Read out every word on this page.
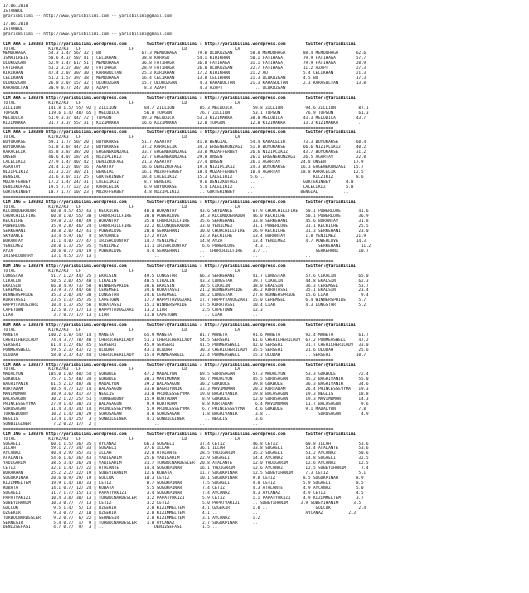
17.06.2018
ISTANBUL
@YarisBilimi -- http://www.yarisbilimi.com -- yarisbilimi@gmail.com
17.06.2018
ISTANBUL
@YarisBilimi -- http://www.yarisbilimi.com -- yarisbilimi@gmail.com
CIM ARA = 138383 http://yarisbilimi.wordpress.com        twitter:@YarisBilimi : http://yarisbilimi.wordpress.com        twitter:@YarisBilimi
TOTAL             K1/K2/K3   LF                   LF                   LD                   LA
MEMDUHAGA         54.3 1.4/ 56/ 32 | BU                67.3 MEMDUHAGA        79.0 ULUKOZGAN       50.8 MEMDUHAGA       88.4 MEMDUHAGA       62.6
ISMAILREIS        58.6 4.3/ 58/ 41 | CELIKHAN          38.8 KARASU           54.1 KIRIKHAN        50.1 FATIHAGA        79.9 FATIHAGA        57.7
ULUKOZGAN         52.9 1.4/ 61/ 51 | MEMDUHAGA         36.8 FATIHAGA         36.8 FATIHAGA        31.1 FATIHAGA        79.9 FATIHAGA        28.9
FATIHAGA          53.2 3.2/ 30/ 30 | FATIHAGA          28.9 FATIHAGA         26.8 ULUKOZGAN       22.7 FATIHAGA        11.2 AZAPT           27.3
KIRIKHAN          47.4 2.0/ 30/ 30 | KARABULTAN        25.3 KIRIKHAN         17.2 KIRIKHAN        21.2 AU              5.4 CELIKHAN         21.3
CELIKHAN          51.2 1.5/ 39/ 38 | MEMDUHAGA         16.4 CELIKHAN         13.8 CELIKHAN        21.3 ULUKOZGAN       4.5 BU               17.3
ULUKOZGAN         26.8 2.0/ 15/ 32 | ULUKOZGAN         15.7 ULUKOZGAN         4.3 KARABULTAN      21.3 KARASULTAN      2.3 KARASULTAN       13.8
KARABULTAN        30.9 0.7/ 24/ 30 | AZAPT              8.3 AZAPT             4.3 AZAPT             .. ULUKOZGAN
===================================================================================================================================
CIM ARA = 138370 http://yarisbilimi.wordpress.com        twitter:@YarisBilimi : http://yarisbilimi.wordpress.com        twitter:@YarisBilimi
TOTAL             K1/K2/K3   LF                   LF                   LD                   LA
ZILLION           141.8 1.5/ 55/ 92 | ZILLION           84.7 ZILLION          85.3 MELODICA        59.8 ZILLION         94.6 ZILLION         87.1
TOPGUN            119.6 1.4/ 48/ 65 | MELODICA          56.8 TOPGUN           76.7 ZILLION         53.1 TOPGUN          76.9 TOPGUN          61.3
MELODICA          51.9 3.3/ 44/ 72 | TOPGUN            49.3 MELODICA         53.3 KIZIMAKKA       38.8 MELODICA        43.3 MELODICA        43.7
KIZIMAKKA         31.7 3.3/ 55/ 31 | KIZIMAKKA         16.6 KIZIMAKKA        12.0 TOPGUN          12.0 KIZIMAKKA       13.3 KIZIMAKKA        .
===================================================================================================================================
CIM ARA = 138380 http://yarisbilimi.wordpress.com        twitter:@YarisBilimi : http://yarisbilimi.wordpress.com        twitter:@YarisBilimi
TOTAL             K1/K2/K3   LF                   LF                   LD                   LA
BUYUKAKSE         59.1 1.7/ 50/ 20 | BUYUKAKSE         51.7 AGARTAY          41.8 BENGIAL         54.4 KARACELIK       73.3 BUYUKAKSE       60.4
BUYUKAKSE         51.8 3.0/ 44/ 23 | BUYUKAKSE         37.2 KARACELIK        34.3 ERGENEKONZAGI   51.8 BUYUKAKSE       66.6 NIZIPLIKIZ      40.2
KARACELIK         45.8 3.8/ 38/ 20 | ERGENEKONZAGI     33.7 ERGENEKONZAGI    33.8 MUZAFFERBEY     26.6 NIZIPLIKIZ      43.7 BUYUKAKSE       31.2
UNSEN             40.6 4.0/ 18/ 24 | NIZIPLIKIZ        22.7 ERGENEKONZAGI    29.8 UNSEN           26.1 ERGENEKONZAGI   26.5 AGARTAY         22.8
LALELIKIZ         27.9 1.4/ 40/ 42 | DENIZKOFAGI       21.3 AGARTAY          27.4 UNSEN           26.1 AGARTAY        24.8 UNSEN           17.9
AGARTAY           24.4 1.2/ 40/ 16 | AGARTAY           16.6 DENIZKOFAGI      19.4 NIZIPLIKIZ      24.3 BUYUKAKSE      16.3 ERGENEKONZAGI   15.7
NIZIPLIKIZ        31.3 2.2/ 30/ 21 | BENGIAL           16.1 MUZAFFERBEY      18.4 MUZAFFERBEY     10.4 AGARTAY        18.8 KARACELIK       12.5
BENGIAL           31.6 3.0/ 11/ 25 | GOKTEKINBEY       10.4 LALELIKIZ        15.3 LALELIKIZ       5.6 ..                   KILZIKIZ         8.6
MUZAFFERBEY       17.2 1.4/ 24/ 31 | LALELIKIZ          8.7 BENGIAL           9.6 DENIZKOFAGI     ..                   GOKTEKINBEY      4.0
DENIZKOFAGI       19.5 7.7/ 12/ 23 | KARACELIK          6.9 BUYUKAKSE         5.4 LALELIKIZ       ..                   LALELIKIZ        5.8
GOKTEKINBEY       10.7 1.7/ 10/ 23 | MUZAFFERBEY        4.8 NIZIPLIKIZ        .. GOKTEKINBEY     ..                   BENGIAL          ..
===================================================================================================================================
CIM ING = 138382 http://yarisbilimi.wordpress.com        twitter:@YarisBilimi : http://yarisbilimi.wordpress.com        twitter:@YarisBilimi
TOTAL             K1/K2/K3   LF                   LF                   LD                   LA
KLCONQUERADOR      60.0 4.5/ 45/ 43 | KECKICHE          48.0 BORANTAY         43.6 SKYDANCE        67.9 CHURCHILLFIRE   50.1 POWERLOVE       41.6
CHURCHILLFIRE      60.8 1.0/ 55/ 38 | CHURCHILLFIRE     38.0 POWERLOVE        34.3 KLCONQUERADOR   46.0 KECKICHE        50.1 POWERLOVE       36.9
KECKICHE           59.8 2.3/ 48/ 49 | BORANTAY          35.8 CHURCHILLFIRE    35.6 SERKEHANI       33.8 SERKEHANI       45.6 BORANTAY        31.8
POWERLOVE          35.9 2.8/ 46/ 24 | CHURCHILLFIRE     32.2 KLCONQUERADOR    33.0 YENILMEZ        31.1 POWERLOVE       31.1 KECKICHE        25.5
SERKEHANI          38.8 2.0/ 42/ 41 | POWERLOVE         28.0 SERKEHANI        30.0 CHURCHILLFIRE   26.9 KECKICHE        31.3 SERKEHANI       23.0
SKYDANCE           33.4 5.9/ 16/  4 | SKYDANCE          17.2 AYZA             23.3 KECKICHE        13.4 BORANTAY        1.8 YENILMEZ        21.9
BORANTAY           31.1 4.0/ 27/ 47 | IRISHCOUNTRY      14.7 YENILMEZ         14.8 AYZA            13.4 YENILMEZ        4.7 POWERLOVE       14.3
YENILMEZ           28.0 1.3/ 25/ 35 | YENILMEZ          11.1 IRISHCOUNTRY      6.6 POWERLOVE        4.3 ..                   SERKEHANI        11.2
AYZA               20.6 0.7/ 24/ 19 | POWERLOVE          4.4 SERKEHANI        ..  CHURCHILLFIRE    3.7 ..                   SERKEHANI        10.7
IRISHCOUNTRY       13.1 4.5/ 27/ 13 |                       ..                ..                   ..                   ..
===================================================================================================================================
KUM ING = 138379 http://yarisbilimi.wordpress.com        twitter:@YarisBilimi : http://yarisbilimi.wordpress.com        twitter:@YarisBilimi
TOTAL             K1/K2/K3   LF                   LF                   LD                   LA
LONGSTAR           51.7 1.2/ 44/ 25 | EKALSIN           49.5 LONGSTAR         66.3 SERKEHANI       41.7 LONGSTAR        57.6 CIKALIN         65.0
CIKALIN            50.5 2.0/ 45/ 48 | CIKALIN           40.5 CIKALIN          43.3 LONGSTAR        39.7 CIKALIN         44.8 EKALSIN         62.3
EKALSIN            66.8 4.9/ 73/ 58 | WINNERSPRIDE      38.6 EKALSIN          30.5 CIKALIN         38.0 EKALSIN         36.3 CEREMSEL        53.7
CEREMSEL           33.9 3.7/ 44/ 66 | CEREMSEL          34.6 KORATASSI        21.2 WINNERSPRIDE    36.2 KORATASSI       35.1 EKALSIN         23.4
WINNERSPRIDE       35.3 2.0/ 34/ 38 | LONGSTAR          24.6 CEREMSEL         18.2 LONGSTAR        27.8 WINNERSPRIDE    15.6 LIAR             9.4
KORATASSI          23.5 1.3/ 35/ 35 | CAPETOWN          17.7 HAPPYTAVUGZARI   17.7 HAPPYTAVUGZARI  15.0 CEREMSEL        6.4 WINNERSPRIDE     5.7
HAPPYTAVUGZARI     10.4 1.3/ 35/ 56 | KORATASSI         15.1 WINNERSPRIDE     17.5 KORATASSI       10.4 LIAR            4.3 LONGSTAR         5.2
CAPETOWN           12.5 0.7/ 17/ 13 | HAPPYTAVUGZARI    13.2 LIAR              2.5 CAPETOWN        12.3
LIAR                3.7 0.7/ 17/ 13 | LIAR              11.0 CAPETOWN           .. LIAR            ..
===================================================================================================================================
KUM ARA = 138378 http://yarisbilimi.wordpress.com        twitter:@YarisBilimi : http://yarisbilimi.wordpress.com        twitter:@YarisBilimi
TOTAL             K1/K2/K3   LF                   LF                   LD                   LA
MANETA            140.2 1.8/ 54/ 14 | MANETA            65.9 MANETA           81.7 MANETA          91.6 MANETA          92.4 MANETA          61.7
CHERICHERILADY     74.4 3.7/ 70/ 48 | CHERICHERILADY    51.1 CHERICHERILADY   54.5 SERSERI         61.6 CHERICHERILADY  67.2 PONMEASWELL     47.2
SERSERI            61.4 1.2/ 46/ 45 | SERSERI           45.9 SERSERI          41.5 PONMEASWELL     42.0 SERSERI         31.7 CHERICHERILADY  33.0
PONMEASWELL        59.5 2.3/ 43/ 72 | ULUDAH            43.1 ULUDAH           30.3 CHERICHERILADY  35.5 SERSERI         21.6 ULUDAH          25.6
ULUDAH             58.0 2.3/ 43/ 44 | CHERICHERILADY    15.4 PONMEASWELL      22.4 PONMEASWELL     15.3 ULUDAH          .. SERSERI          10.7
===================================================================================================================================
CIM ARA = 138377 http://yarisbilimi.wordpress.com        twitter:@YarisBilimi : http://yarisbilimi.wordpress.com        twitter:@YarisBilimi
TOTAL             K1/K2/K3   LF                   LF                   LD                   LA
MADALYON          105.0 1.0/ 40/ 54 | GOKBULE           47.2 MADALYON         69.5 SORUSAGAN       57.3 MADALYON        53.3 GOKBULE         72.4
GOKBULE            75.7 1.5/ 40/ 34 | GOKBULE           30.1 MAVIMUMAN        50.7 MADALYON        45.5 SORUSAGAN       45.2 BAGRIYANIK      55.0
BAGRIYANIK         61.5 2.1/ 48/ 36 | MADALYON          39.2 BALASAGUN        30.2 GOKBULE         39.8 GOKBULE         36.3 BAGRIYANIK      34.6
KURTADAM           40.5 4.7/ 12/ 14 | BALASAGUN         33.8 BAGRIYANIK       33.3 MAVIMUMAN       20.2 KURTADAM        26.4 PRINCESSEYYMA   19.3
MAVIMUMAN          38.9 3.6/ 41/ 37 | NEGLIS            33.0 PRINCESSEYYMA    19.0 BAGRIYANIK      19.8 BALASAGUN       19.3 NEGLIS          18.8
BALASAGUN          30.2 1.2/ 25/ 51 | TURNEBOUNY        15.9 KURTADAM          8.9 GOKBULE         12.0 SORUSAGAN       19.3 MAVIMUMAN       14.3
PRINCESSEYYMA      27.9 1.4/ 30/ 23 | BALASAGUN          9.9 KURTADAM          8.8 KURTADAM         6.4 MAVIMUMAN       11.7 BALASAGUN        9.6
SORUSAGAN          31.4 3.4/ 34/ 14 | PRINCESSEYYMA      5.9 PRINCESSEYYMA     6.7 PRINCESSEYYMA    4.6 GOKBULE         9.1 MADALYON         7.8
TURNEBOUNY         10.2 1.4/ 28/ 29 | SORUSAGAN          4.8 SORUSAGAN         1.8 BAGRIYANIK       3.8 ..                   SORUSAGAN        4.9
NEGLIS             13.4 1.4/ 25/  3 | SONBILGINER        4.1 GONBILGINER        .. NEGLIS           3.6
SONBILGINER         7.2 0.2/ 17/  2 |                       ..                ..                   ..
===================================================================================================================================
CIM ING = 138376 http://yarisbilimi.wordpress.com        twitter:@YarisBilimi : http://yarisbilimi.wordpress.com        twitter:@YarisBilimi
TOTAL             K1/K2/K3   LF                   LF                   LD                   LA
SUGAELI            60.1 1.5/ 36/ 35 | AYCANAZ           66.3 SUGAELI          37.4 CETIZ           46.8 CETIZ           60.8 ILLAH           53.6
ILLAH              59.1 2.7/ 34/ 33 | SUGAELI           37.6 ILLAH            36.1 ILLAH           33.8 SUGAELI         53.4 ATALANTE        53.6
AYCANAZ            40.4 2.9/ 35/ 31 | ILLAH             32.8 ATALANTE         28.5 YADIGARIM       35.2 SUGAELI         51.2 AYCANAZ         50.6
ATALANTE           54.6 1.6/ 36/ 43 | YADIGARIM         25.6 YADIGARIM        22.9 SUGAELI         14.4 AYCANAZ         14.8 SUGAELI         32.5
YADIGARIM          38.5 3.4/ 26/ 24 | YADIGARIM         31.7 TURBOCNARDESLER  20.8 ATALANTE        12.0 YADIGARIM       12.6 AYCANAZ         12.5
CETIZ              32.1 1.4/ 17/ 22 | ATALANTE          14.4 SOGUKPINAR       16.1 YADIGARIM       12.6 AYCANAZ         12.5 SUBEYIHANIM      7.4
BURAKHAN           25.2 2.2/ 22/ 19 | SUBEYIHANIM       12.6 KUBATA           11.7 SOGUKPINAR      12.5 SUBEYIHANIM     7.3 CETIZ            5.1
SOGUKPINAR         20.6 0.9/ 29/ 19 | GOLCUK            10.3 CETIZ            10.1 SOGUKPINAR      9.8 CETIZ           8.5 SOGUKPINAR       8.9
KIZIMMELTEM        19.9 1.4/ 18/ 33 | CETIZ              8.7 SOGUKPINAR        7.5 SUGAELI         4.8 CETIZ           5.9 SUGAELI          8.5
KUBATA             14.1 0.7/ 12/ 24 | KUBATA             5.5 SOGUKPINAR        7.4 CETIZ           4.3 ATALANTE        4.9 AYCANAZ          5.0
SUGAELI            11.7 1.7/ 15/ 11 | PAPATYAKIZI        3.4 SOGUKPINAR        7.4 AYCANAZ         4.3 AYCANAZ         4.9 CETIZ            4.5
PAPATYAKIZI        10.4 3.8/ 30/ 13 | TURBOCNARDESLER    3.2 PAPATYAKIZI       5.9 CETIZ           1.1 PAPATYAKIZI     4.9 KIZIMMELTEM      3.7
SUBEYIHANIM        10.3 0.7/  7/ 13 | CETIZ              3.2 CETIZ             5.0 PAPATYAKIZI     .. SUBEYIHANIM     3.9 SUBEYIHANIM      3.5
GOLCUK              9.5 1.4/  5/ 13 | OZGEKIR            2.8 KIZIMMELTEM       4.1 OZGEKIR         1.0 ..                   GOLCUK           2.4
OZGEKIR             9.3 0.7/  2/ 10 | OZGEKIR            2.8 KIZIMMELTEM       4.1 ..              ..                   AYCANAZ          2.3
TURBOCNARDESLER     9.2 0.7/  6/ 22 | SERNESIR           2.8 KIZIMMELTEM       3.1 AYCANAZ         1.2
SERNESIR            5.4 0.7/  1/  9 | TURBOCNARDESLER    1.8 AYCANAZ           2.7 SOGUKPINAR      ..
DENIZSEFASI         4.7 0.7/  9/  3 | ..                    DENIZSEFASI        1.5 ..
